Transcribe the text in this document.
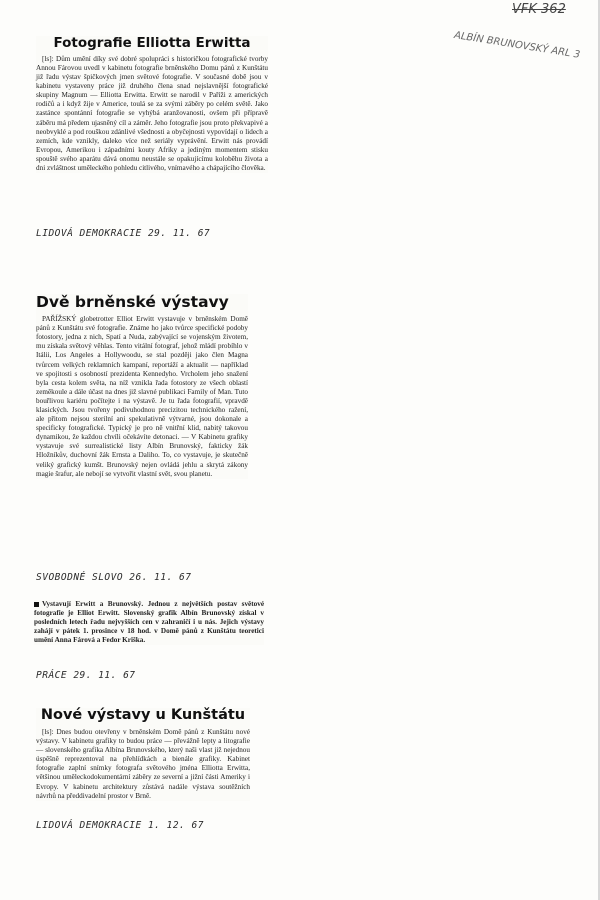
VFK 362
ALBÍN BRUNOVSKÝ ARL 3
Fotografie Elliotta Erwitta
[ls]: Dům umění díky své dobré spolupráci s historičkou fotografické tvorby Annou Fárovou uvedl v kabinetu fotografie brněnského Domu pánů z Kunštátu již řadu výstav špičkových jmen světové fotografie. V současné době jsou v kabinetu vystaveny práce již druhého člena snad nejslavnější fotografické skupiny Magnum — Elliotta Erwitta. Erwitt se narodil v Paříži z amerických rodičů a i když žije v Americe, toulá se za svými záběry po celém světě. Jako zastánce spontánní fotografie se vyhýbá aranžovanosti, ovšem při přípravě záběru má předem ujasněný cíl a záměr. Jeho fotografie jsou proto překvapivé a neobvyklé a pod rouškou zdánlivé všednosti a obyčejnosti vypovídají o lidech a zemích, kde vznikly, daleko více než seriály vyprávění. Erwitt nás provádí Evropou, Amerikou i západními kouty Afriky a jediným momentem stisku spouště svého aparátu dává onomu neustále se opakujícímu koloběhu života a dni zvláštnost uměleckého pohledu citlivého, vnímavého a chápajícího člověka.
LIDOVÁ DEMOKRACIE 29. 11. 67
Dvě brněnské výstavy
PAŘÍŽSKÝ globetrotter Elliot Erwitt vystavuje v brněnském Domě pánů z Kunštátu své fotografie. Známe ho jako tvůrce specifické podoby fotostory, jedna z nich, Spatí a Nuda, zabývající se vojenským životem, mu získala světový věhlas. Tento vitální fotograf, jehož mládí probíhlo v Itálii, Los Angeles a Hollywoodu, se stal později jako člen Magna tvůrcem velkých reklamních kampaní, reportáží a aktualit — například ve spojitosti s osobností prezidenta Kennedyho. Vrcholem jeho snažení byla cesta kolem světa, na níž vznikla řada fotostory ze všech oblastí zeměkoule a dále účast na dnes již slavné publikaci Family of Man. Tuto bouřlivou kariéru počítejte i na výstavě. Je tu řada fotografií, vpravdě klasických. Jsou tvořeny podivuhodnou precizitou technického ražení, ale přitom nejsou sterilní ani spekulativně výtvarné, jsou dokonale a specificky fotografické. Typický je pro ně vnitřní klid, nabitý takovou dynamikou, že každou chvíli očekávíte detonaci. — V Kabinetu grafiky vystavuje své surrealistické listy Albín Brunovský, fakticky žák Hložníkův, duchovní žák Ernsta a Daliho. To, co vystavuje, je skutečně veliký grafický kumšt. Brunovský nejen ovládá jehlu a skrytá zákony magie šrafur, ale nebojí se vytvořit vlastní svět, svou planetu.
SVOBODNÉ SLOVO 26. 11. 67
Vystavují Erwitt a Brunovský. Jednou z největších postav světové fotografie je Elliot Erwitt. Slovenský grafik Albín Brunovský získal v posledních letech řadu nejvyšších cen v zahraničí i u nás. Jejich výstavy zahájí v pátek 1. prosince v 18 hod. v Domě pánů z Kunštátu teoretici umění Anna Fárová a Fedor Kriška.
PRÁCE 29. 11. 67
Nové výstavy u Kunštátu
[ls]: Dnes budou otevřeny v brněnském Domě pánů z Kunštátu nové výstavy. V kabinetu grafiky to budou práce — převážně lepty a litografie — slovenského grafika Albína Brunovského, který naši vlast již nejednou úspěšně reprezentoval na přehlídkách a bienále grafiky. Kabinet fotografie zaplní snímky fotografa světového jména Elliotta Erwitta, většinou uměleckodokumentární záběry ze severní a jižní části Ameriky i Evropy. V kabinetu architektury zůstává nadále výstava soutěžních návrhů na předdivadelní prostor v Brně.
LIDOVÁ DEMOKRACIE 1. 12. 67
